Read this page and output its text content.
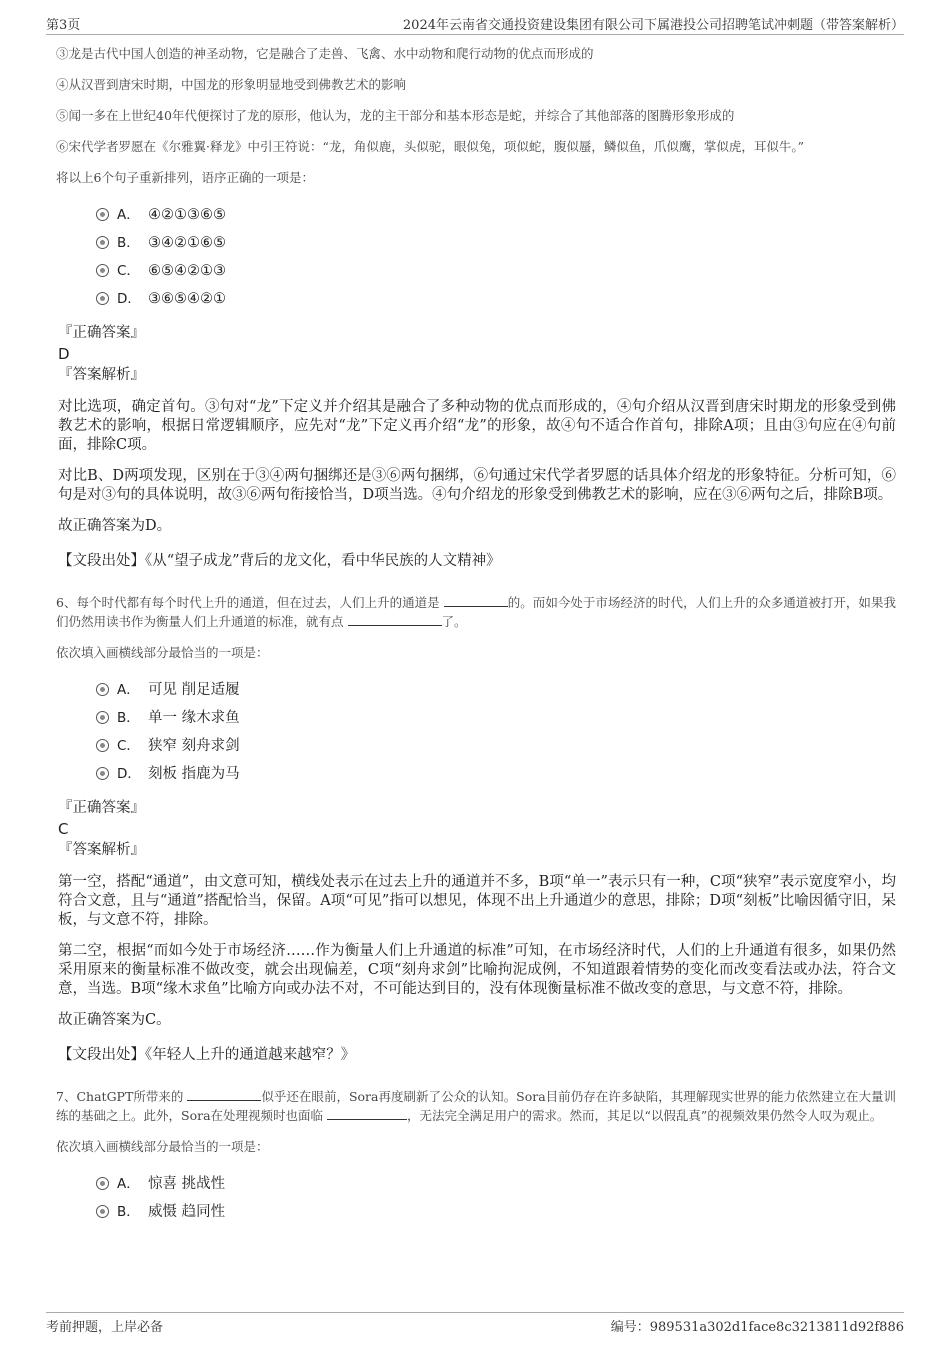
第3页	2024年云南省交通投资建设集团有限公司下属港投公司招聘笔试冲刺题（带答案解析）

③龙是古代中国人创造的神圣动物，它是融合了走兽、飞禽、水中动物和爬行动物的优点而形成的

④从汉晋到唐宋时期，中国龙的形象明显地受到佛教艺术的影响

⑤闻一多在上世纪40年代便探讨了龙的原形，他认为，龙的主干部分和基本形态是蛇，并综合了其他部落的图腾形象形成的

⑥宋代学者罗愿在《尔雅翼·释龙》中引王符说：“龙，角似鹿，头似驼，眼似兔，项似蛇，腹似蜃，鳞似鱼，爪似鹰，掌似虎，耳似牛。”

将以上6个句子重新排列，语序正确的一项是：

A． ④②①③⑥⑤
B． ③④②①⑥⑤
C． ⑥⑤④②①③
D． ③⑥⑤④②①

『正确答案』

D

『答案解析』

对比选项，确定首句。③句对“龙”下定义并介绍其是融合了多种动物的优点而形成的，④句介绍从汉晋到唐宋时期龙的形象受到佛教艺术的影响，根据日常逻辑顺序，应先对“龙”下定义再介绍“龙”的形象，故④句不适合作首句，排除A项；且由③句应在④句前面，排除C项。

对比B、D两项发现，区别在于③④两句捆绑还是③⑥两句捆绑，⑥句通过宋代学者罗愿的话具体介绍龙的形象特征。分析可知，⑥句是对③句的具体说明，故③⑥两句衔接恰当，D项当选。④句介绍龙的形象受到佛教艺术的影响，应在③⑥两句之后，排除B项。

故正确答案为D。

【文段出处】《从“望子成龙”背后的龙文化，看中华民族的人文精神》

6、每个时代都有每个时代上升的通道，但在过去，人们上升的通道是	的。而如今处于市场经济的时代，人们上升的众多通道被打开，如果我们仍然用读书作为衡量人们上升通道的标准，就有点	了。

依次填入画横线部分最恰当的一项是：

A． 可见 削足适履
B． 单一 缘木求鱼
C． 狭窄 刻舟求剑
D． 刻板 指鹿为马

『正确答案』

C

『答案解析』

第一空，搭配“通道”，由文意可知，横线处表示在过去上升的通道并不多，B项“单一”表示只有一种，C项“狭窄”表示宽度窄小，均符合文意，且与“通道”搭配恰当，保留。A项“可见”指可以想见，体现不出上升通道少的意思，排除；D项“刻板”比喻因循守旧，呆板，与文意不符，排除。

第二空，根据“而如今处于市场经济……作为衡量人们上升通道的标准”可知，在市场经济时代，人们的上升通道有很多，如果仍然采用原来的衡量标准不做改变，就会出现偏差，C项“刻舟求剑”比喻拘泥成例，不知道跟着情势的变化而改变看法或办法，符合文意，当选。B项“缘木求鱼”比喻方向或办法不对，不可能达到目的，没有体现衡量标准不做改变的意思，与文意不符，排除。

故正确答案为C。

【文段出处】《年轻人上升的通道越来越窄？》

7、ChatGPT所带来的	似乎还在眼前，Sora再度刷新了公众的认知。Sora目前仍存在许多缺陷，其理解现实世界的能力依然建立在大量训练的基础之上。此外，Sora在处理视频时也面临	，无法完全满足用户的需求。然而，其足以“以假乱真”的视频效果仍然令人叹为观止。

依次填入画横线部分最恰当的一项是：

A． 惊喜 挑战性
B． 威慑 趋同性
考前押题，上岸必备	编号：989531a302d1face8c3213811d92f886
